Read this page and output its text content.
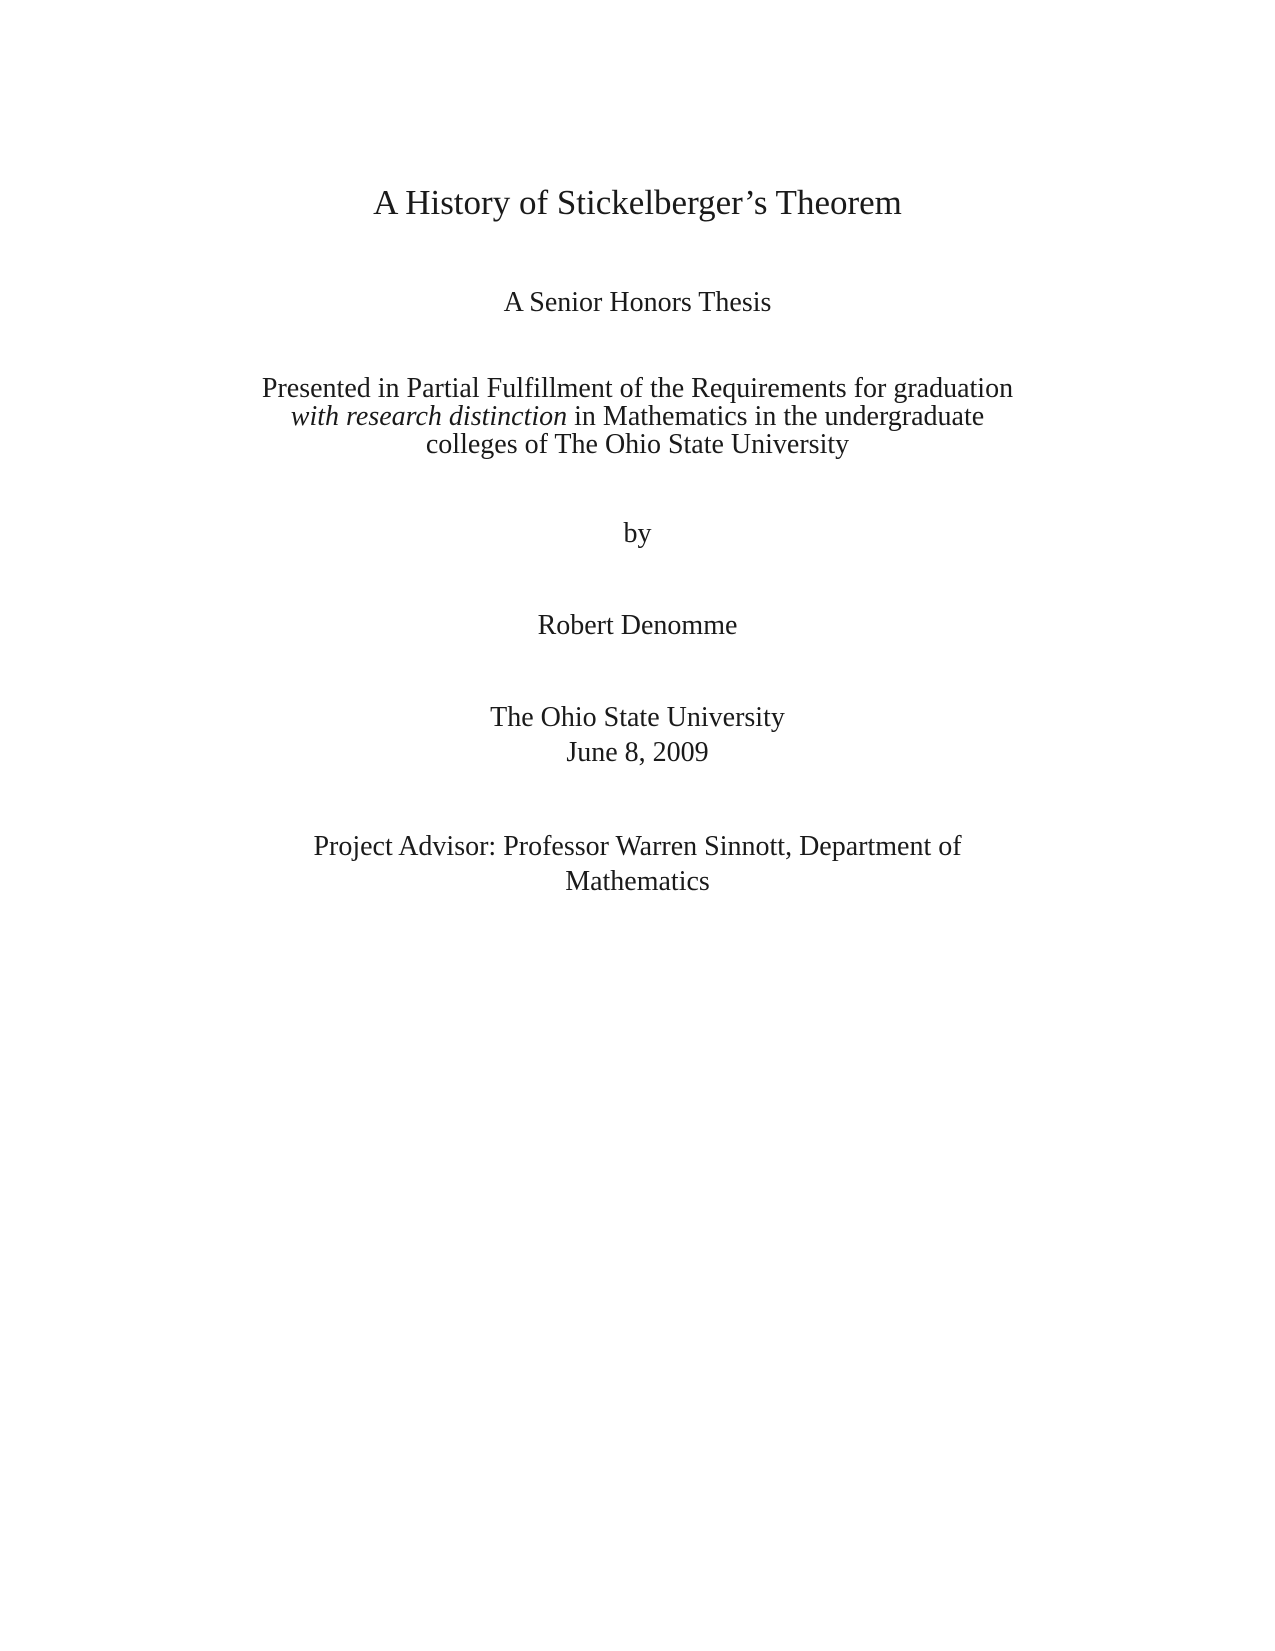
A History of Stickelberger’s Theorem
A Senior Honors Thesis
Presented in Partial Fulfillment of the Requirements for graduation
with research distinction in Mathematics in the undergraduate
colleges of The Ohio State University
by
Robert Denomme
The Ohio State University
June 8, 2009
Project Advisor: Professor Warren Sinnott, Department of
Mathematics
